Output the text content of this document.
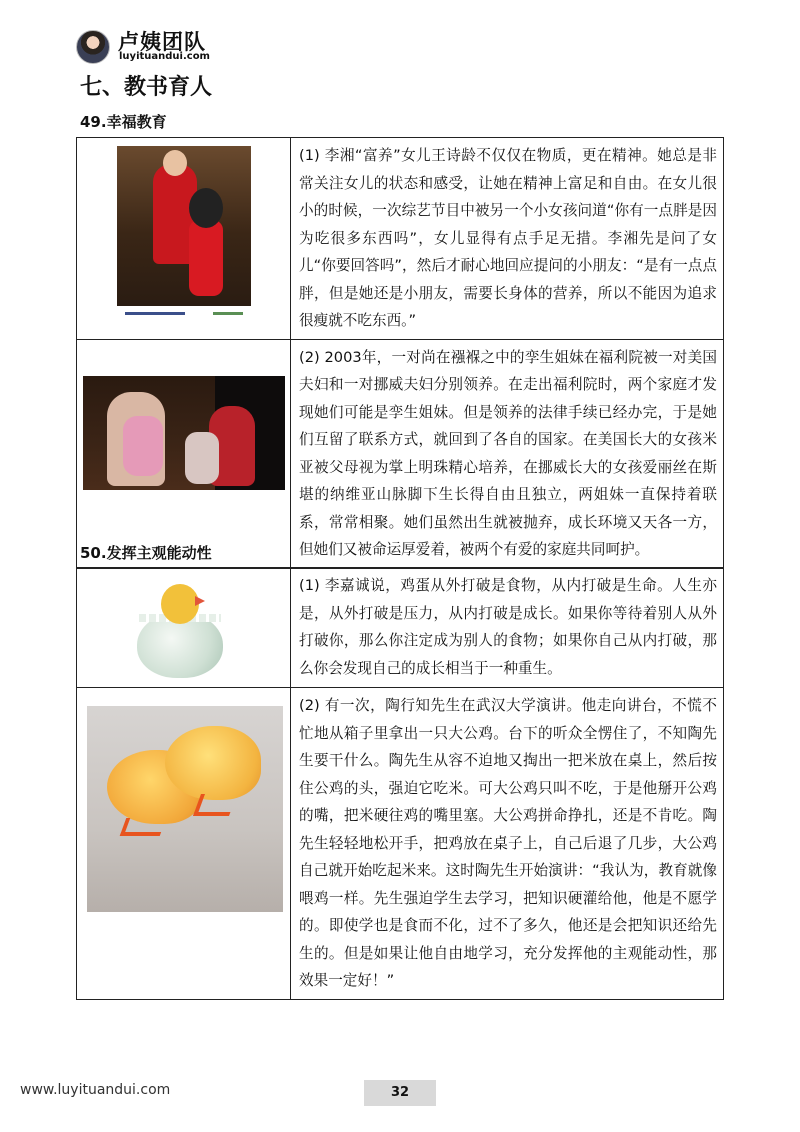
卢姨团队
luyituandui.com
七、教书育人
49.幸福教育
	(1) 李湘“富养”女儿王诗龄不仅仅在物质，更在精神。她总是非常关注女儿的状态和感受，让她在精神上富足和自由。在女儿很小的时候，一次综艺节目中被另一个小女孩问道“你有一点胖是因为吃很多东西吗”，女儿显得有点手足无措。李湘先是问了女儿“你要回答吗”，然后才耐心地回应提问的小朋友：“是有一点点胖，但是她还是小朋友，需要长身体的营养，所以不能因为追求很瘦就不吃东西。”

	(2) 2003年，一对尚在襁褓之中的孪生姐妹在福利院被一对美国夫妇和一对挪威夫妇分别领养。在走出福利院时，两个家庭才发现她们可能是孪生姐妹。但是领养的法律手续已经办完，于是她们互留了联系方式，就回到了各自的国家。在美国长大的女孩米亚被父母视为掌上明珠精心培养，在挪威长大的女孩爱丽丝在斯堪的纳维亚山脉脚下生长得自由且独立，两姐妹一直保持着联系，常常相聚。她们虽然出生就被抛弃，成长环境又天各一方，但她们又被命运厚爱着，被两个有爱的家庭共同呵护。
50.发挥主观能动性
	(1) 李嘉诚说，鸡蛋从外打破是食物，从内打破是生命。人生亦是，从外打破是压力，从内打破是成长。如果你等待着别人从外打破你，那么你注定成为别人的食物；如果你自己从内打破，那么你会发现自己的成长相当于一种重生。

	(2) 有一次，陶行知先生在武汉大学演讲。他走向讲台，不慌不忙地从箱子里拿出一只大公鸡。台下的听众全愣住了，不知陶先生要干什么。陶先生从容不迫地又掏出一把米放在桌上，然后按住公鸡的头，强迫它吃米。可大公鸡只叫不吃，于是他掰开公鸡的嘴，把米硬往鸡的嘴里塞。大公鸡拼命挣扎，还是不肯吃。陶先生轻轻地松开手，把鸡放在桌子上，自己后退了几步，大公鸡自己就开始吃起米来。这时陶先生开始演讲：“我认为，教育就像喂鸡一样。先生强迫学生去学习，把知识硬灌给他，他是不愿学的。即使学也是食而不化，过不了多久，他还是会把知识还给先生的。但是如果让他自由地学习，充分发挥他的主观能动性，那效果一定好！”
www.luyituandui.com	32
